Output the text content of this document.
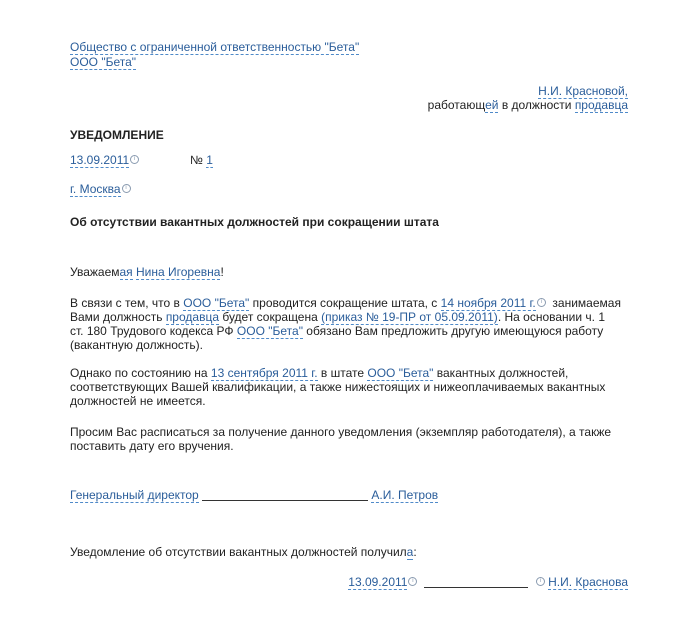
Общество с ограниченной ответственностью "Бета"
ООО "Бета"
Н.И. Красновой,
работающей в должности продавца
УВЕДОМЛЕНИЕ
13.09.2011 i	№ 1
г. Москва i
Об отсутствии вакантных должностей при сокращении штата
Уважаемая Нина Игоревна!
В связи с тем, что в ООО "Бета" проводится сокращение штата, с 14 ноября 2011 г. i занимаемая
Вами должность продавца будет сокращена (приказ № 19-ПР от 05.09.2011). На основании ч. 1
ст. 180 Трудового кодекса РФ ООО "Бета" обязано Вам предложить другую имеющуюся работу
(вакантную должность).
Однако по состоянию на 13 сентября 2011 г. в штате ООО "Бета" вакантных должностей,
соответствующих Вашей квалификации, а также нижестоящих и нижеоплачиваемых вакантных
должностей не имеется.
Просим Вас расписаться за получение данного уведомления (экземпляр работодателя), а также
поставить дату его вручения.
Генеральный директор	А.И. Петров
Уведомление об отсутствии вакантных должностей получила:
13.09.2011 i	i Н.И. Краснова
